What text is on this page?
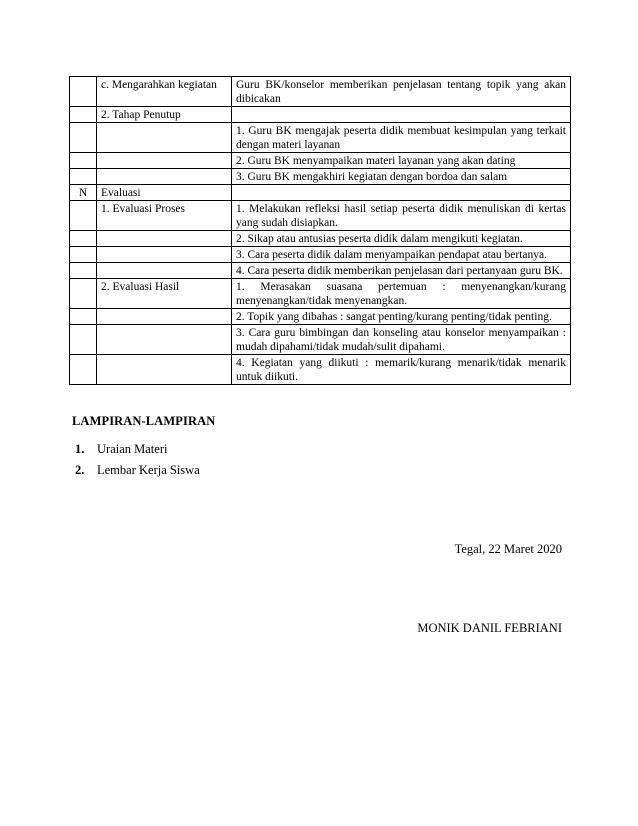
	c. Mengarahkan kegiatan	Guru BK/konselor memberikan penjelasan tentang topik yang akan dibicakan
	2. Tahap Penutup	
		1. Guru BK mengajak peserta didik membuat kesimpulan yang terkait dengan materi layanan
		2. Guru BK menyampaikan materi layanan yang akan dating
		3. Guru BK mengakhiri kegiatan dengan bordoa dan salam
N	Evaluasi	
	1. Evaluasi Proses	1. Melakukan refleksi hasil setiap peserta didik menuliskan di kertas yang sudah disiapkan.
		2. Sikap atau antusias peserta didik dalam mengikuti kegiatan.
		3. Cara peserta didik dalam menyampaikan pendapat atau bertanya.
		4. Cara peserta didik memberikan penjelasan dari pertanyaan guru BK.
	2. Evaluasi Hasil	1. Merasakan suasana pertemuan : menyenangkan/kurang menyenangkan/tidak menyenangkan.
		2. Topik yang dibahas : sangat penting/kurang penting/tidak penting.
		3. Cara guru bimbingan dan konseling atau konselor menyampaikan : mudah dipahami/tidak mudah/sulit dipahami.
		4. Kegiatan yang diikuti : memarik/kurang menarik/tidak menarik untuk diikuti.
LAMPIRAN-LAMPIRAN
1.	Uraian Materi
2.	Lembar Kerja Siswa
Tegal, 22 Maret 2020
MONIK DANIL FEBRIANI
